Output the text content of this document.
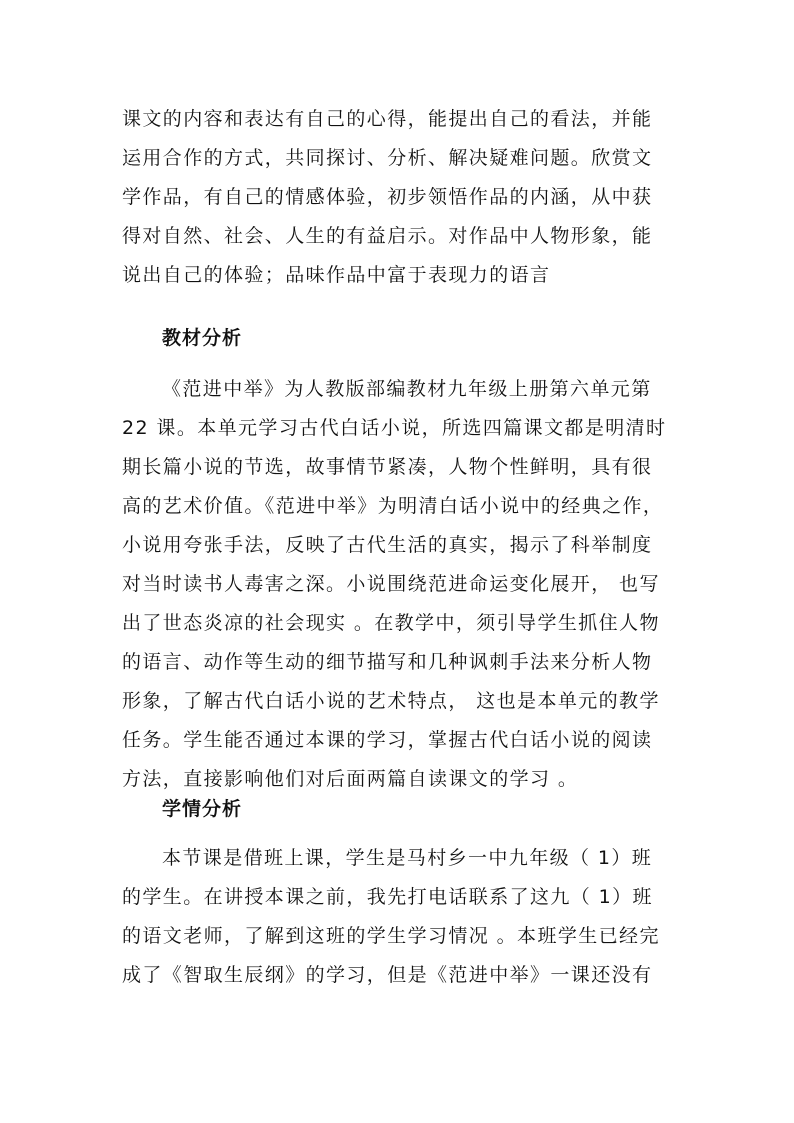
课文的内容和表达有自己的心得，能提出自己的看法，并能
运用合作的方式，共同探讨、分析、解决疑难问题。欣赏文
学作品，有自己的情感体验，初步领悟作品的内涵，从中获
得对自然、社会、人生的有益启示。对作品中人物形象，能
说出自己的体验；品味作品中富于表现力的语言
教材分析
《范进中举》为人教版部编教材九年级上册第六单元第
22 课。本单元学习古代白话小说，所选四篇课文都是明清时
期长篇小说的节选，故事情节紧凑，人物个性鲜明，具有很
高的艺术价值。《范进中举》为明清白话小说中的经典之作，
小说用夸张手法，反映了古代生活的真实，揭示了科举制度
对当时读书人毒害之深。小说围绕范进命运变化展开， 也写
出了世态炎凉的社会现实 。在教学中，须引导学生抓住人物
的语言、动作等生动的细节描写和几种讽刺手法来分析人物
形象，了解古代白话小说的艺术特点， 这也是本单元的教学
任务。学生能否通过本课的学习，掌握古代白话小说的阅读
方法，直接影响他们对后面两篇自读课文的学习 。
学情分析
本节课是借班上课，学生是马村乡一中九年级（ 1）班
的学生。在讲授本课之前，我先打电话联系了这九（ 1）班
的语文老师，了解到这班的学生学习情况 。本班学生已经完
成了《智取生辰纲》的学习，但是《范进中举》一课还没有
